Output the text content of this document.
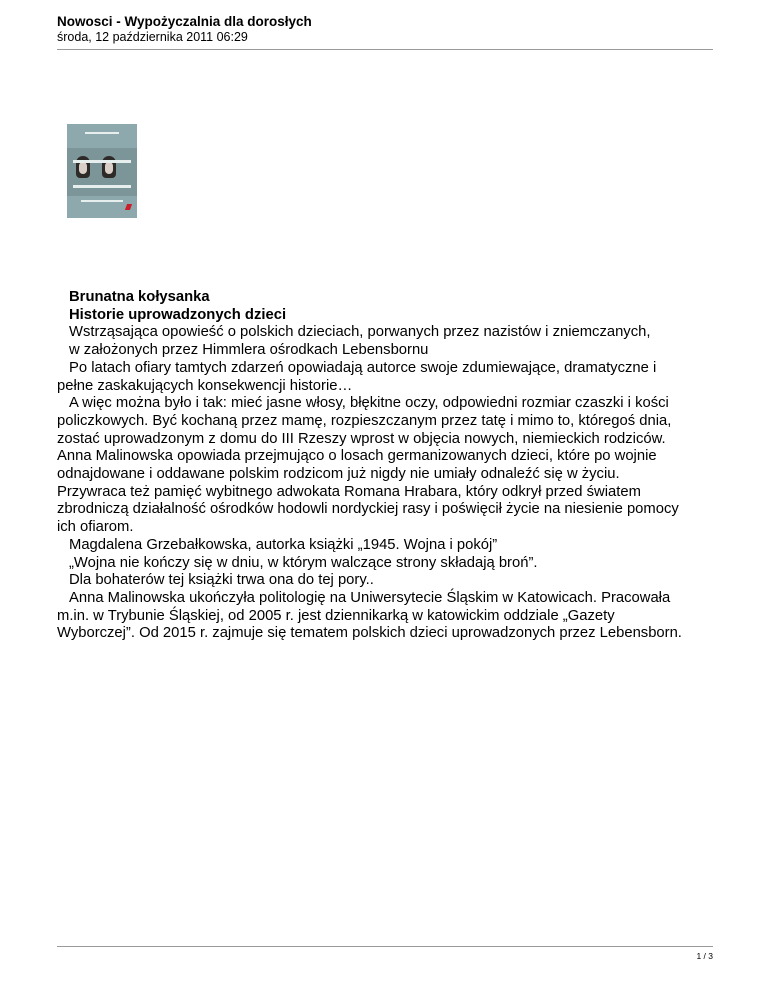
Nowosci - Wypożyczalnia dla dorosłych
środa, 12 października 2011 06:29
Brunatna kołysanka
Historie uprowadzonych dzieci
Wstrząsająca opowieść o polskich dzieciach, porwanych przez nazistów i zniemczanych,
w założonych przez Himmlera ośrodkach Lebensbornu
Po latach ofiary tamtych zdarzeń opowiadają autorce swoje zdumiewające, dramatyczne i
pełne zaskakujących konsekwencji historie…
A więc można było i tak: mieć jasne włosy, błękitne oczy, odpowiedni rozmiar czaszki i kości
policzkowych. Być kochaną przez mamę, rozpieszczanym przez tatę i mimo to, któregoś dnia,
zostać uprowadzonym z domu do III Rzeszy wprost w objęcia nowych, niemieckich rodziców.
Anna Malinowska opowiada przejmująco o losach germanizowanych dzieci, które po wojnie
odnajdowane i oddawane polskim rodzicom już nigdy nie umiały odnaleźć się w życiu.
Przywraca też pamięć wybitnego adwokata Romana Hrabara, który odkrył przed światem
zbrodniczą działalność ośrodków hodowli nordyckiej rasy i poświęcił życie na niesienie pomocy
ich ofiarom.
Magdalena Grzebałkowska, autorka książki „1945. Wojna i pokój”
„Wojna nie kończy się w dniu, w którym walczące strony składają broń”.
Dla bohaterów tej książki trwa ona do tej pory..
Anna Malinowska ukończyła politologię na Uniwersytecie Śląskim w Katowicach. Pracowała
m.in. w Trybunie Śląskiej, od 2005 r. jest dziennikarką w katowickim oddziale „Gazety
Wyborczej”. Od 2015 r. zajmuje się tematem polskich dzieci uprowadzonych przez Lebensborn.
1 / 3
